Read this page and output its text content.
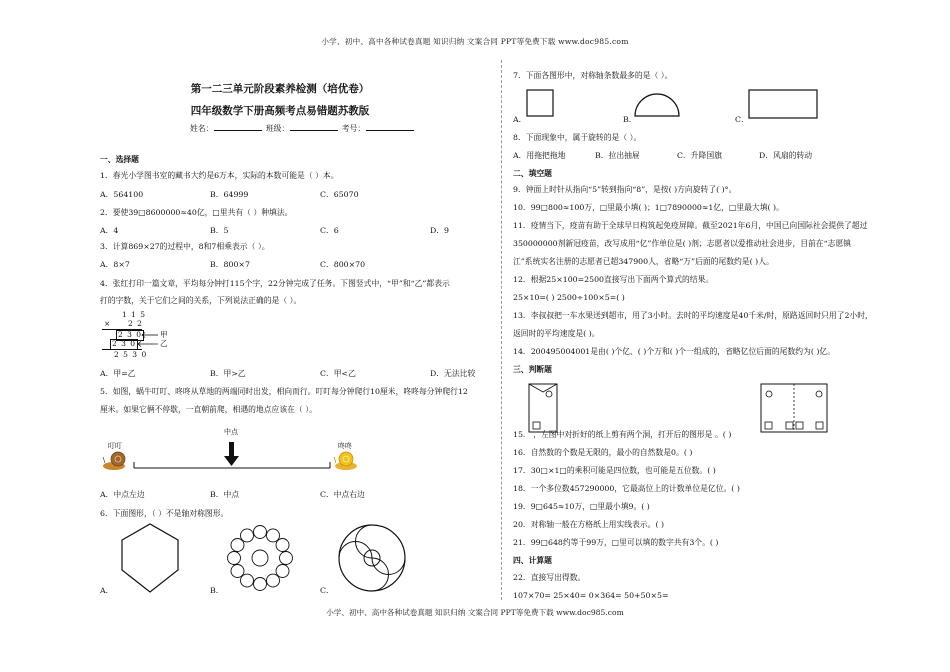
小学、初中、高中各种试卷真题 知识归纳 文案合同 PPT等免费下载 www.doc985.com
第一二三单元阶段素养检测（培优卷）
四年级数学下册高频考点易错题苏教版
姓名：	班级：	考号：
一、选择题
1．春光小学图书室的藏书大约是6万本，实际的本数可能是（ ）本。
A．564100	B．64999	C．65070
2．要使39□8600000≈40亿，□里共有（ ）种填法。
A．4	B．5	C．6	D．9
3．计算869×27的过程中，8和7相乘表示（ ）。
A．8×7	B．800×7	C．800×70
4．张红打印一篇文章，平均每分钟打115个字，22分钟完成了任务。下图竖式中，“甲”和“乙”都表示
打的字数，关于它们之间的关系，下列说法正确的是（ ）。
1 1 5
× 2 2
2 3 0
2 3 0
2 5 3 0
甲
乙
A．甲=乙	B．甲>乙	C．甲<乙	D．无法比较
5．如图，蜗牛叮叮、咚咚从草地的两端同时出发，相向而行。叮叮每分钟爬行10厘米，咚咚每分钟爬行12
厘米。如果它俩不停歇，一直朝前爬，相遇的地点应该在（ ）。
叮叮
中点
咚咚
A．中点左边	B．中点	C．中点右边
6．下面图形，（ ）不是轴对称图形。
A．	B．	C．
7．下面各图形中，对称轴条数最多的是（ ）。
A．	B．	C．
8．下面现象中，属于旋转的是（ ）。
A．用拖把拖地	B．拉出抽屉	C．升降国旗	D．风扇的转动
二、填空题
9．钟面上时针从指向“5”转到指向“8”，是按( )方向旋转了( )°。
10．99□800≈100万，□里最小填( )；1□7890000≈1亿，□里最大填( )。
11．疫情当下，疫苗有助于全球早日构筑起免疫屏障。截至2021年6月，中国已向国际社会提供了超过
350000000剂新冠疫苗，改写成用“亿”作单位是( )剂；志愿者以爱推动社会进步，目前在“志愿镇
江”系统实名注册的志愿者已超347900人，省略“万”后面的尾数约是( )人。
12．根据25×100=2500直接写出下面两个算式的结果。
25×10=( ) 2500÷100×5=( )
13．李叔叔把一车水果送到超市，用了3小时。去时的平均速度是40千米/时，原路返回时只用了2小时，
返回时的平均速度是( )。
14．200495004001是由( )个亿、( )个万和( )个一组成的，省略亿位后面的尾数约为( )亿。
三、判断题
15． ，左图中对折好的纸上剪有两个洞，打开后的图形是 。( )
16．自然数的个数是无限的，最小的自然数是0。( )
17．30□×1□的乘积可能是四位数，也可能是五位数。( )
18．一个多位数457290000，它最高位上的计数单位是亿位。( )
19．9□645≈10万，□里最小填9。( )
20．对称轴一般在方格纸上用实线表示。( )
21．99□648约等于99万，□里可以填的数字共有3个。( )
四、计算题
22．直接写出得数。
107×70= 25×40= 0×364= 50+50×5=
小学、初中、高中各种试卷真题 知识归纳 文案合同 PPT等免费下载 www.doc985.com
